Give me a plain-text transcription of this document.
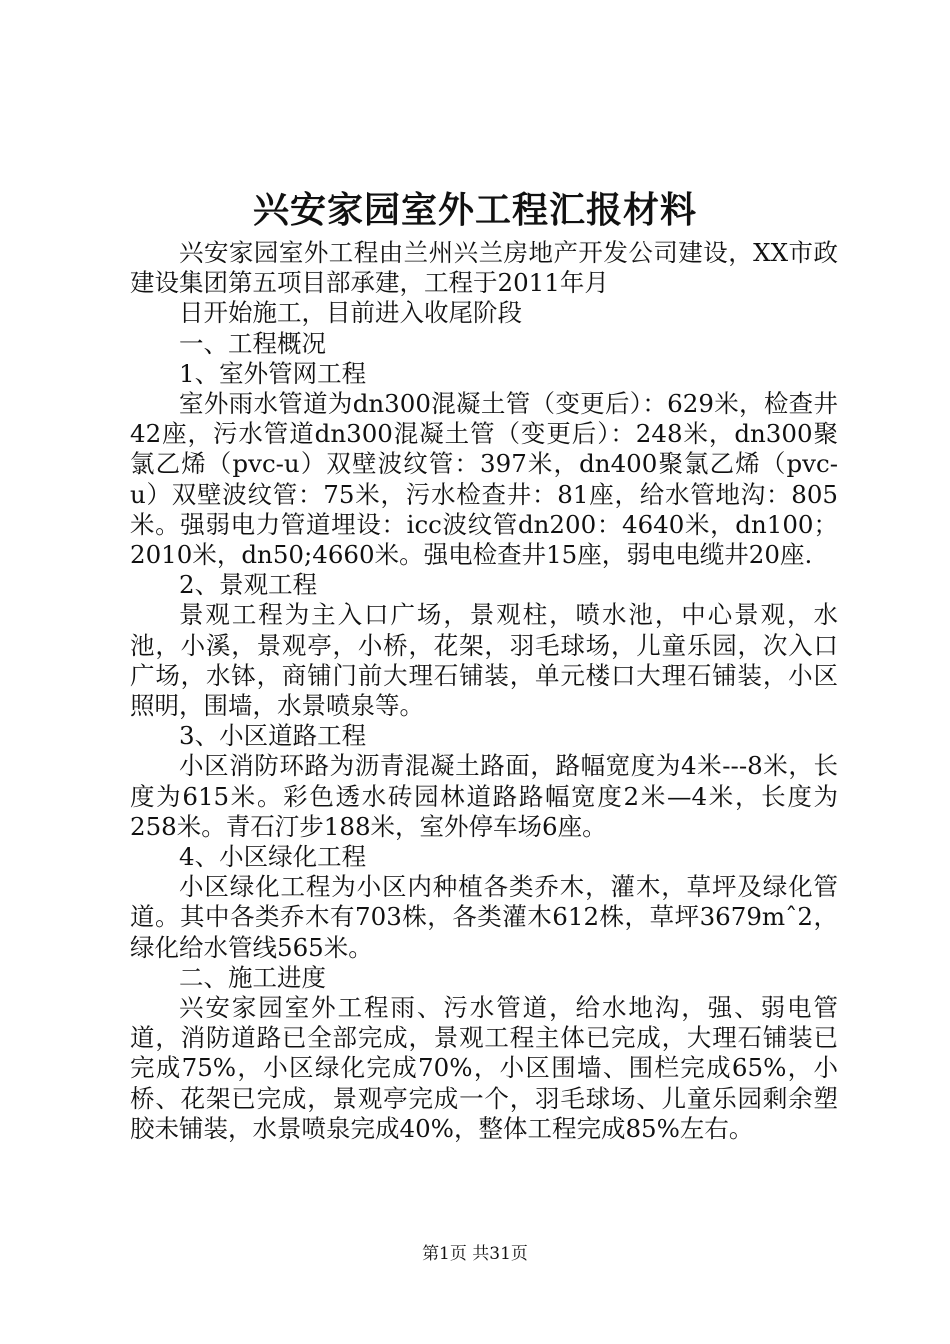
兴安家园室外工程汇报材料

兴安家园室外工程由兰州兴兰房地产开发公司建设，XX市政建设集团第五项目部承建，工程于2011年月

日开始施工，目前进入收尾阶段

一、工程概况

1、室外管网工程

室外雨水管道为dn300混凝土管（变更后）：629米，检查井42座，污水管道dn300混凝土管（变更后）：248米，dn300聚氯乙烯（pvc-u）双壁波纹管：397米，dn400聚氯乙烯（pvc-u）双壁波纹管：75米，污水检查井：81座，给水管地沟：805米。强弱电力管道埋设：icc波纹管dn200：4640米，dn100；2010米，dn50;4660米。强电检查井15座，弱电电缆井20座.

2、景观工程

景观工程为主入口广场，景观柱，喷水池，中心景观，水池，小溪，景观亭，小桥，花架，羽毛球场，儿童乐园，次入口广场，水钵，商铺门前大理石铺装，单元楼口大理石铺装，小区照明，围墙，水景喷泉等。

3、小区道路工程

小区消防环路为沥青混凝土路面，路幅宽度为4米---8米，长度为615米。彩色透水砖园林道路路幅宽度2米—4米，长度为258米。青石汀步188米，室外停车场6座。

4、小区绿化工程

小区绿化工程为小区内种植各类乔木，灌木，草坪及绿化管道。其中各类乔木有703株，各类灌木612株，草坪3679mˆ2，绿化给水管线565米。

二、施工进度

兴安家园室外工程雨、污水管道，给水地沟，强、弱电管道，消防道路已全部完成，景观工程主体已完成，大理石铺装已完成75%，小区绿化完成70%，小区围墙、围栏完成65%，小桥、花架已完成，景观亭完成一个，羽毛球场、儿童乐园剩余塑胶未铺装，水景喷泉完成40%，整体工程完成85%左右。

第1页 共31页
